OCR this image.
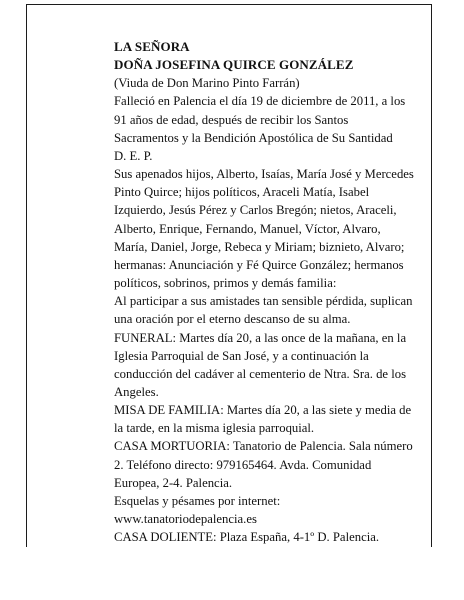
LA SEÑORA

DOÑA JOSEFINA QUIRCE GONZÁLEZ

(Viuda de Don Marino Pinto Farrán)

Falleció en Palencia el día 19 de diciembre de 2011, a los 91 años de edad, después de recibir los Santos Sacramentos y la Bendición Apostólica de Su Santidad

D. E. P.

Sus apenados hijos, Alberto, Isaías, María José y Mercedes Pinto Quirce; hijos políticos, Araceli Matía, Isabel Izquierdo, Jesús Pérez y Carlos Bregón; nietos, Araceli, Alberto, Enrique, Fernando, Manuel, Víctor, Alvaro, María, Daniel, Jorge, Rebeca y Miriam; biznieto, Alvaro; hermanas: Anunciación y Fé Quirce González; hermanos políticos, sobrinos, primos y demás familia:

Al participar a sus amistades tan sensible pérdida, suplican una oración por el eterno descanso de su alma.

FUNERAL: Martes día 20, a las once de la mañana, en la Iglesia Parroquial de San José, y a continuación la conducción del cadáver al cementerio de Ntra. Sra. de los Angeles.

MISA DE FAMILIA: Martes día 20, a las siete y media de la tarde, en la misma iglesia parroquial.

CASA MORTUORIA: Tanatorio de Palencia. Sala número 2. Teléfono directo: 979165464. Avda. Comunidad Europea, 2-4. Palencia.

Esquelas y pésames por internet:

www.tanatoriodepalencia.es

CASA DOLIENTE: Plaza España, 4-1º D. Palencia.
